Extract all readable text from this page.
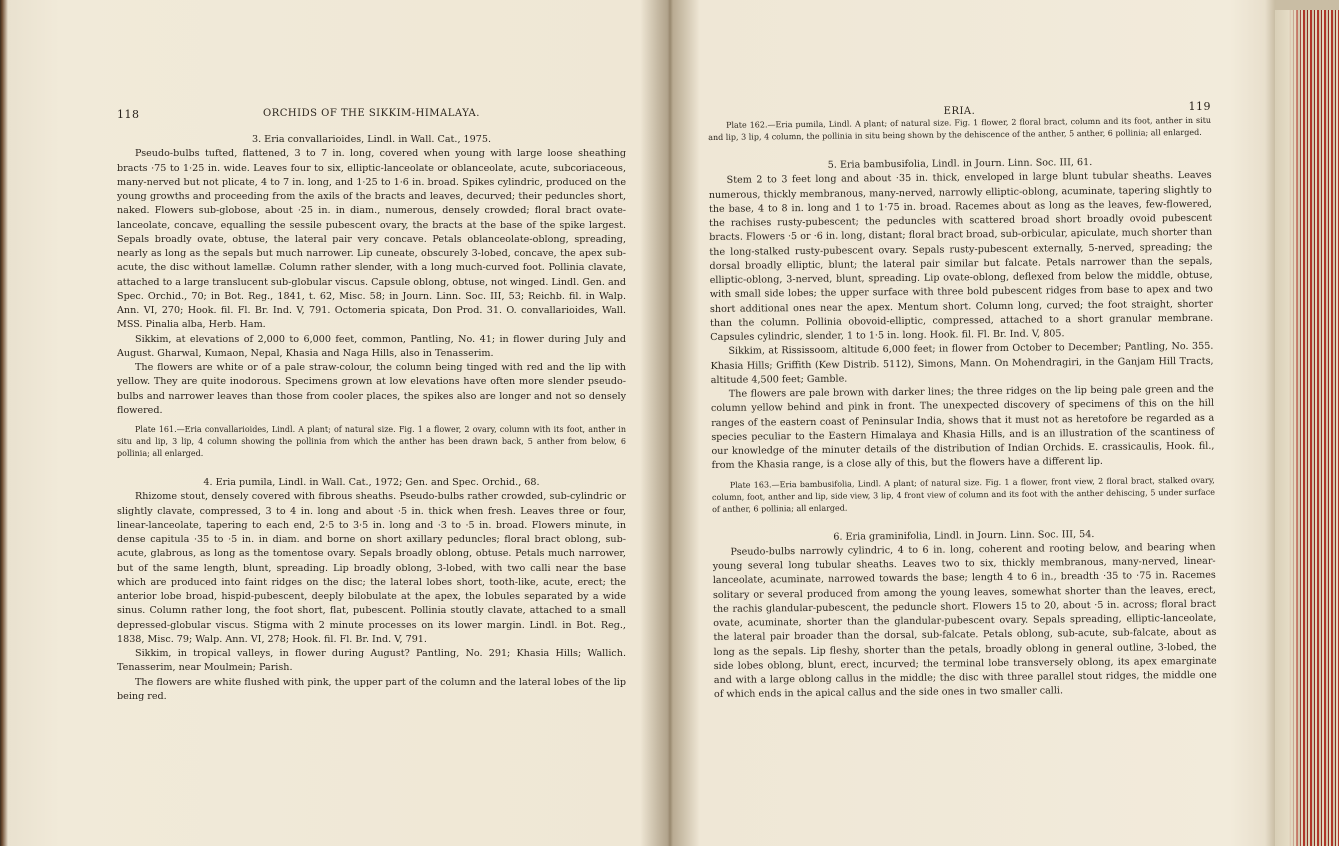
118	ORCHIDS OF THE SIKKIM-HIMALAYA.

3. Eria convallarioides, Lindl. in Wall. Cat., 1975.

Pseudo-bulbs tufted, flattened, 3 to 7 in. long, covered when young with large loose sheathing bracts ·75 to 1·25 in. wide. Leaves four to six, elliptic-lanceolate or oblanceolate, acute, subcoriaceous, many-nerved but not plicate, 4 to 7 in. long, and 1·25 to 1·6 in. broad. Spikes cylindric, produced on the young growths and proceeding from the axils of the bracts and leaves, decurved; their peduncles short, naked. Flowers sub-globose, about ·25 in. in diam., numerous, densely crowded; floral bract ovate-lanceolate, concave, equalling the sessile pubescent ovary, the bracts at the base of the spike largest. Sepals broadly ovate, obtuse, the lateral pair very concave. Petals oblanceolate-oblong, spreading, nearly as long as the sepals but much narrower. Lip cuneate, obscurely 3-lobed, concave, the apex sub-acute, the disc without lamellæ. Column rather slender, with a long much-curved foot. Pollinia clavate, attached to a large translucent sub-globular viscus. Capsule oblong, obtuse, not winged. Lindl. Gen. and Spec. Orchid., 70; in Bot. Reg., 1841, t. 62, Misc. 58; in Journ. Linn. Soc. III, 53; Reichb. fil. in Walp. Ann. VI, 270; Hook. fil. Fl. Br. Ind. V, 791. Octomeria spicata, Don Prod. 31. O. convallarioides, Wall. MSS. Pinalia alba, Herb. Ham.

Sikkim, at elevations of 2,000 to 6,000 feet, common, Pantling, No. 41; in flower during July and August. Gharwal, Kumaon, Nepal, Khasia and Naga Hills, also in Tenasserim.

The flowers are white or of a pale straw-colour, the column being tinged with red and the lip with yellow. They are quite inodorous. Specimens grown at low elevations have often more slender pseudo-bulbs and narrower leaves than those from cooler places, the spikes also are longer and not so densely flowered.

Plate 161.—Eria convallarioides, Lindl. A plant; of natural size. Fig. 1 a flower, 2 ovary, column with its foot, anther in situ and lip, 3 lip, 4 column showing the pollinia from which the anther has been drawn back, 5 anther from below, 6 pollinia; all enlarged.

4. Eria pumila, Lindl. in Wall. Cat., 1972; Gen. and Spec. Orchid., 68.

Rhizome stout, densely covered with fibrous sheaths. Pseudo-bulbs rather crowded, sub-cylindric or slightly clavate, compressed, 3 to 4 in. long and about ·5 in. thick when fresh. Leaves three or four, linear-lanceolate, tapering to each end, 2·5 to 3·5 in. long and ·3 to ·5 in. broad. Flowers minute, in dense capitula ·35 to ·5 in. in diam. and borne on short axillary peduncles; floral bract oblong, sub-acute, glabrous, as long as the tomentose ovary. Sepals broadly oblong, obtuse. Petals much narrower, but of the same length, blunt, spreading. Lip broadly oblong, 3-lobed, with two calli near the base which are produced into faint ridges on the disc; the lateral lobes short, tooth-like, acute, erect; the anterior lobe broad, hispid-pubescent, deeply bilobulate at the apex, the lobules separated by a wide sinus. Column rather long, the foot short, flat, pubescent. Pollinia stoutly clavate, attached to a small depressed-globular viscus. Stigma with 2 minute processes on its lower margin. Lindl. in Bot. Reg., 1838, Misc. 79; Walp. Ann. VI, 278; Hook. fil. Fl. Br. Ind. V, 791.

Sikkim, in tropical valleys, in flower during August? Pantling, No. 291; Khasia Hills; Wallich. Tenasserim, near Moulmein; Parish.

The flowers are white flushed with pink, the upper part of the column and the lateral lobes of the lip being red.

ERIA.	119

Plate 162.—Eria pumila, Lindl. A plant; of natural size. Fig. 1 flower, 2 floral bract, column and its foot, anther in situ and lip, 3 lip, 4 column, the pollinia in situ being shown by the dehiscence of the anther, 5 anther, 6 pollinia; all enlarged.

5. Eria bambusifolia, Lindl. in Journ. Linn. Soc. III, 61.

Stem 2 to 3 feet long and about ·35 in. thick, enveloped in large blunt tubular sheaths. Leaves numerous, thickly membranous, many-nerved, narrowly elliptic-oblong, acuminate, tapering slightly to the base, 4 to 8 in. long and 1 to 1·75 in. broad. Racemes about as long as the leaves, few-flowered, the rachises rusty-pubescent; the peduncles with scattered broad short broadly ovoid pubescent bracts. Flowers ·5 or ·6 in. long, distant; floral bract broad, sub-orbicular, apiculate, much shorter than the long-stalked rusty-pubescent ovary. Sepals rusty-pubescent externally, 5-nerved, spreading; the dorsal broadly elliptic, blunt; the lateral pair similar but falcate. Petals narrower than the sepals, elliptic-oblong, 3-nerved, blunt, spreading. Lip ovate-oblong, deflexed from below the middle, obtuse, with small side lobes; the upper surface with three bold pubescent ridges from base to apex and two short additional ones near the apex. Mentum short. Column long, curved; the foot straight, shorter than the column. Pollinia obovoid-elliptic, compressed, attached to a short granular membrane. Capsules cylindric, slender, 1 to 1·5 in. long. Hook. fil. Fl. Br. Ind. V, 805.

Sikkim, at Rississoom, altitude 6,000 feet; in flower from October to December; Pantling, No. 355. Khasia Hills; Griffith (Kew Distrib. 5112), Simons, Mann. On Mohendragiri, in the Ganjam Hill Tracts, altitude 4,500 feet; Gamble.

The flowers are pale brown with darker lines; the three ridges on the lip being pale green and the column yellow behind and pink in front. The unexpected discovery of specimens of this on the hill ranges of the eastern coast of Peninsular India, shows that it must not as heretofore be regarded as a species peculiar to the Eastern Himalaya and Khasia Hills, and is an illustration of the scantiness of our knowledge of the minuter details of the distribution of Indian Orchids. E. crassicaulis, Hook. fil., from the Khasia range, is a close ally of this, but the flowers have a different lip.

Plate 163.—Eria bambusifolia, Lindl. A plant; of natural size. Fig. 1 a flower, front view, 2 floral bract, stalked ovary, column, foot, anther and lip, side view, 3 lip, 4 front view of column and its foot with the anther dehiscing, 5 under surface of anther, 6 pollinia; all enlarged.

6. Eria graminifolia, Lindl. in Journ. Linn. Soc. III, 54.

Pseudo-bulbs narrowly cylindric, 4 to 6 in. long, coherent and rooting below, and bearing when young several long tubular sheaths. Leaves two to six, thickly membranous, many-nerved, linear-lanceolate, acuminate, narrowed towards the base; length 4 to 6 in., breadth ·35 to ·75 in. Racemes solitary or several produced from among the young leaves, somewhat shorter than the leaves, erect, the rachis glandular-pubescent, the peduncle short. Flowers 15 to 20, about ·5 in. across; floral bract ovate, acuminate, shorter than the glandular-pubescent ovary. Sepals spreading, elliptic-lanceolate, the lateral pair broader than the dorsal, sub-falcate. Petals oblong, sub-acute, sub-falcate, about as long as the sepals. Lip fleshy, shorter than the petals, broadly oblong in general outline, 3-lobed, the side lobes oblong, blunt, erect, incurved; the terminal lobe transversely oblong, its apex emarginate and with a large oblong callus in the middle; the disc with three parallel stout ridges, the middle one of which ends in the apical callus and the side ones in two smaller calli.
